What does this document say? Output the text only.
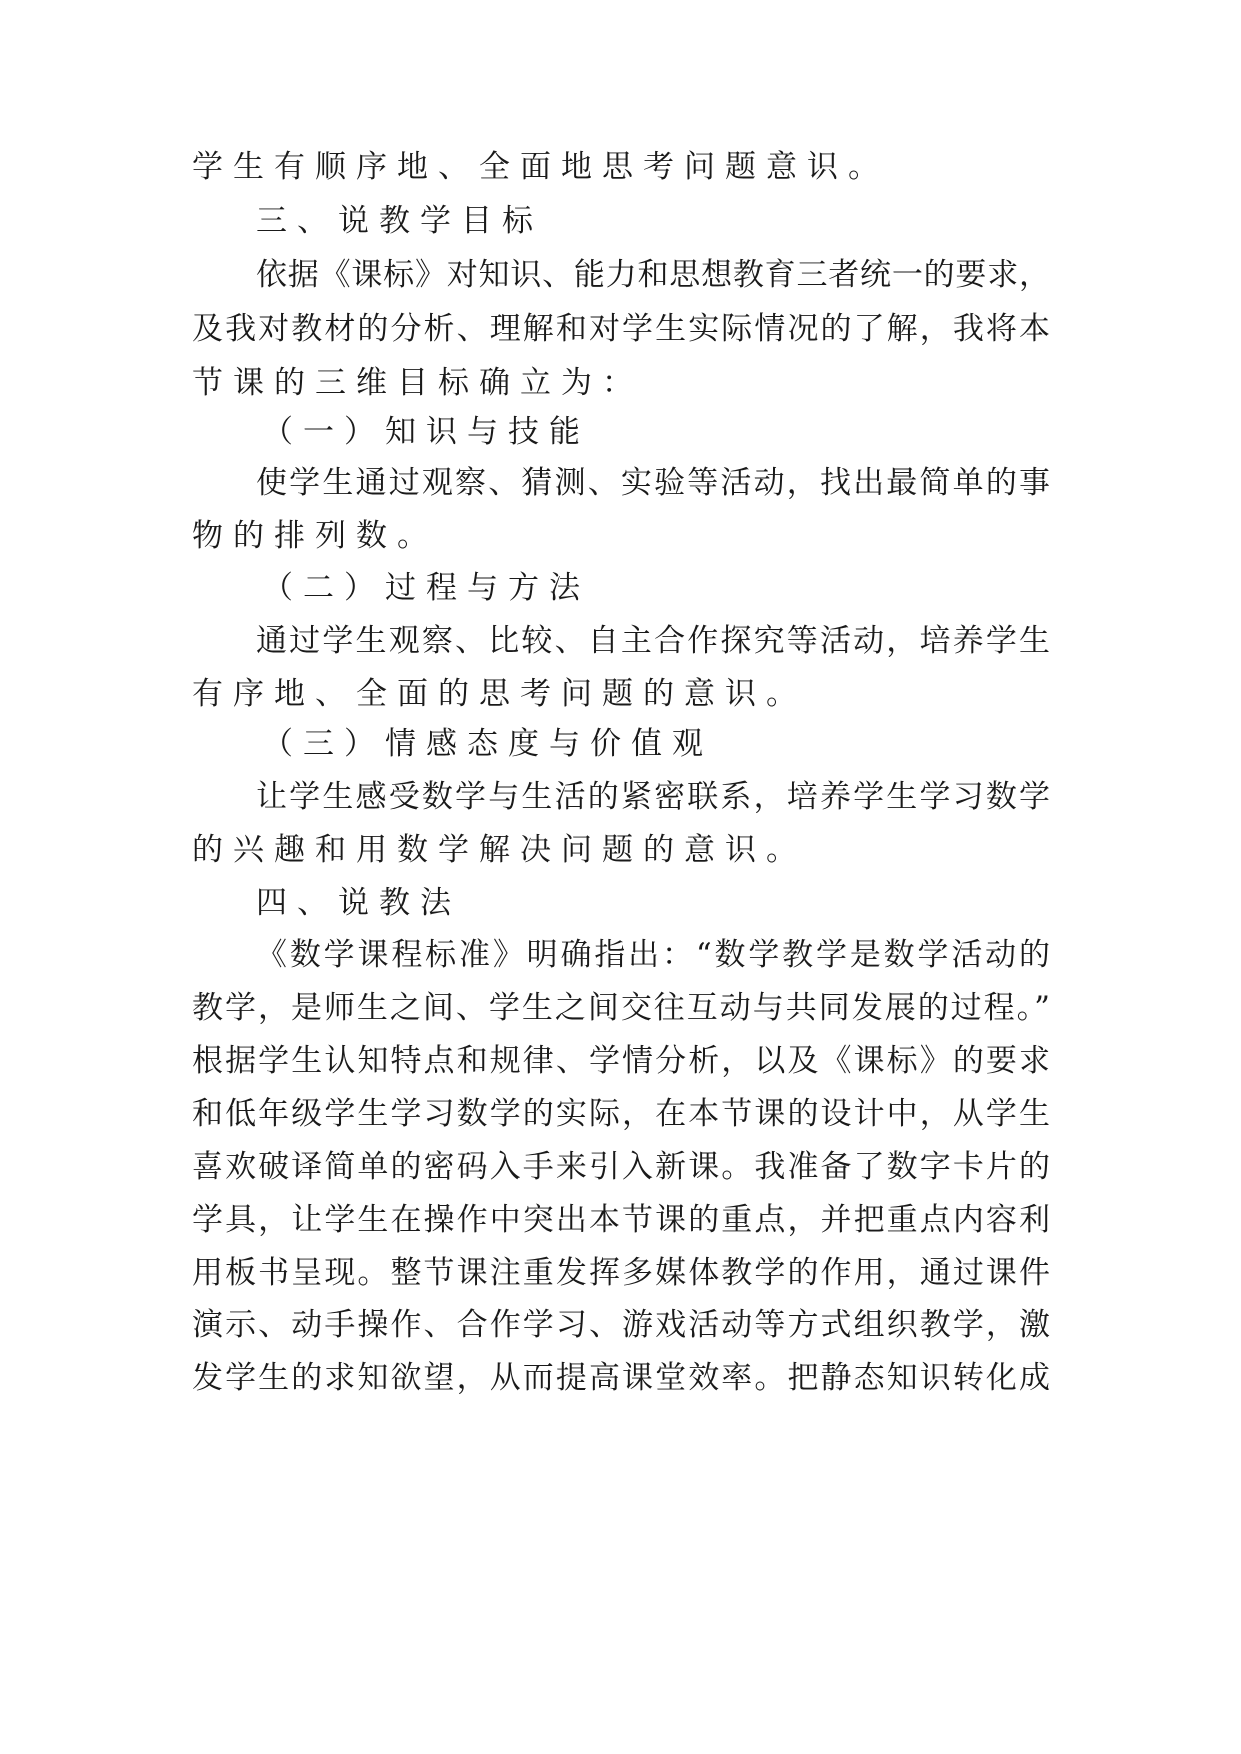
学生有顺序地、全面地思考问题意识。
三、说教学目标
依据《课标》对知识、能力和思想教育三者统一的要求，
及我对教材的分析、理解和对学生实际情况的了解，我将本
节课的三维目标确立为：
（一）知识与技能
使学生通过观察、猜测、实验等活动，找出最简单的事
物的排列数。
（二）过程与方法
通过学生观察、比较、自主合作探究等活动，培养学生
有序地、全面的思考问题的意识。
（三）情感态度与价值观
让学生感受数学与生活的紧密联系，培养学生学习数学
的兴趣和用数学解决问题的意识。
四、说教法
《数学课程标准》明确指出：“数学教学是数学活动的
教学，是师生之间、学生之间交往互动与共同发展的过程。”
根据学生认知特点和规律、学情分析，以及《课标》的要求
和低年级学生学习数学的实际，在本节课的设计中，从学生
喜欢破译简单的密码入手来引入新课。我准备了数字卡片的
学具，让学生在操作中突出本节课的重点，并把重点内容利
用板书呈现。整节课注重发挥多媒体教学的作用，通过课件
演示、动手操作、合作学习、游戏活动等方式组织教学，激
发学生的求知欲望，从而提高课堂效率。把静态知识转化成
